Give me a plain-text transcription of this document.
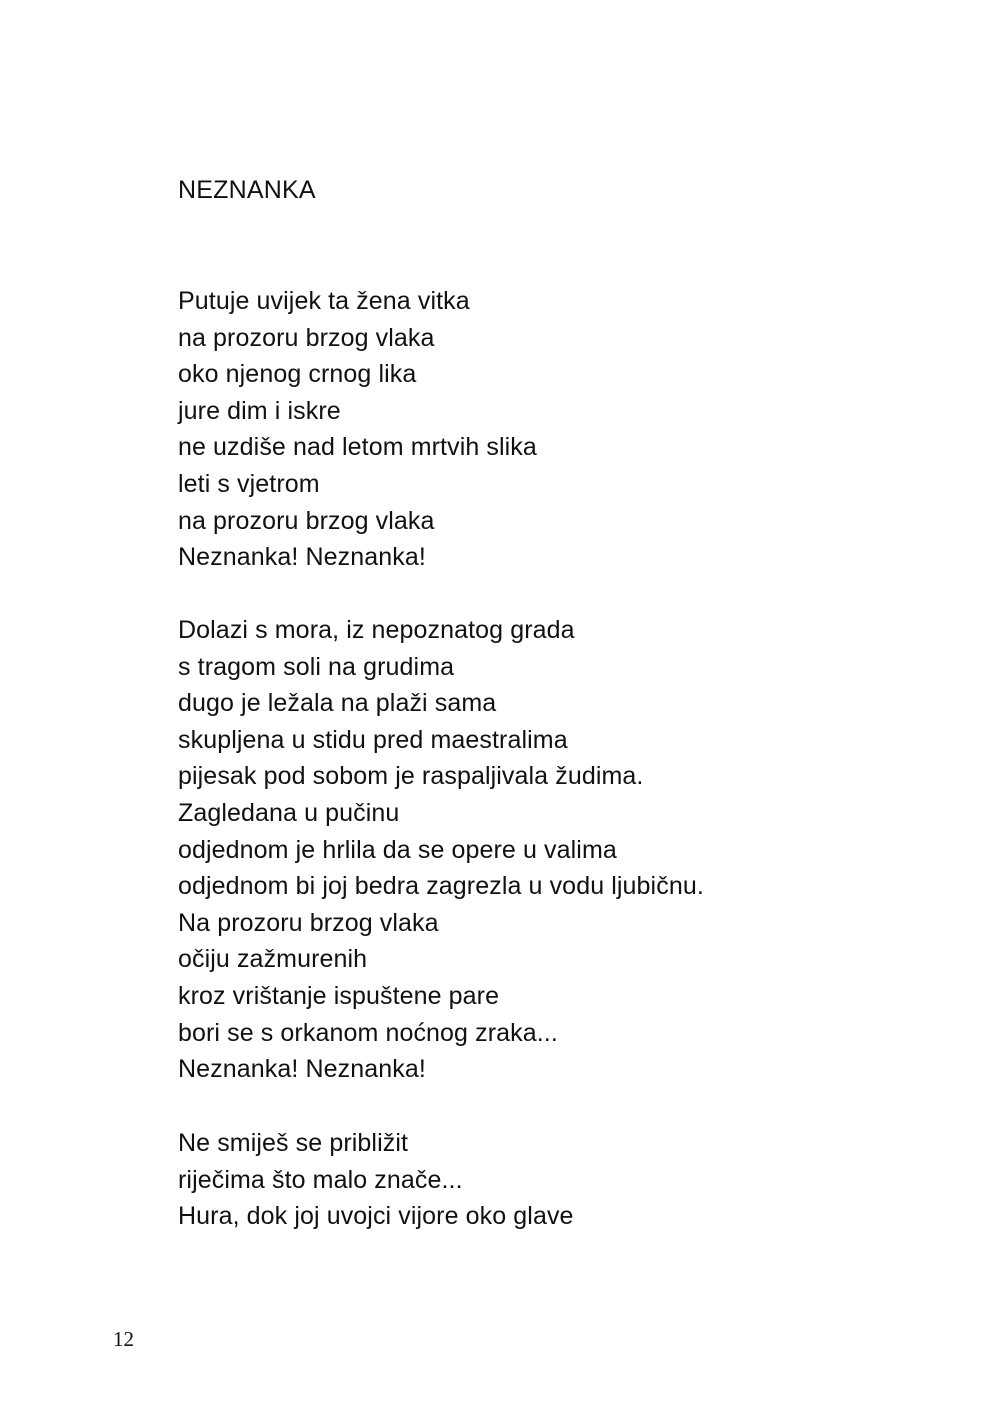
NEZNANKA
Putuje uvijek ta žena vitka
na prozoru brzog vlaka
oko njenog crnog lika
jure dim i iskre
ne uzdiše nad letom mrtvih slika
leti s vjetrom
na prozoru brzog vlaka
Neznanka! Neznanka!
Dolazi s mora, iz nepoznatog grada
s tragom soli na grudima
dugo je ležala na plaži sama
skupljena u stidu pred maestralima
pijesak pod sobom je raspaljivala žudima.
Zagledana u pučinu
odjednom je hrlila da se opere u valima
odjednom bi joj bedra zagrezla u vodu ljubičnu.
Na prozoru brzog vlaka
očiju zažmurenih
kroz vrištanje ispuštene pare
bori se s orkanom noćnog zraka...
Neznanka! Neznanka!
Ne smiješ se približit
riječima što malo znače...
Hura, dok joj uvojci vijore oko glave
12
